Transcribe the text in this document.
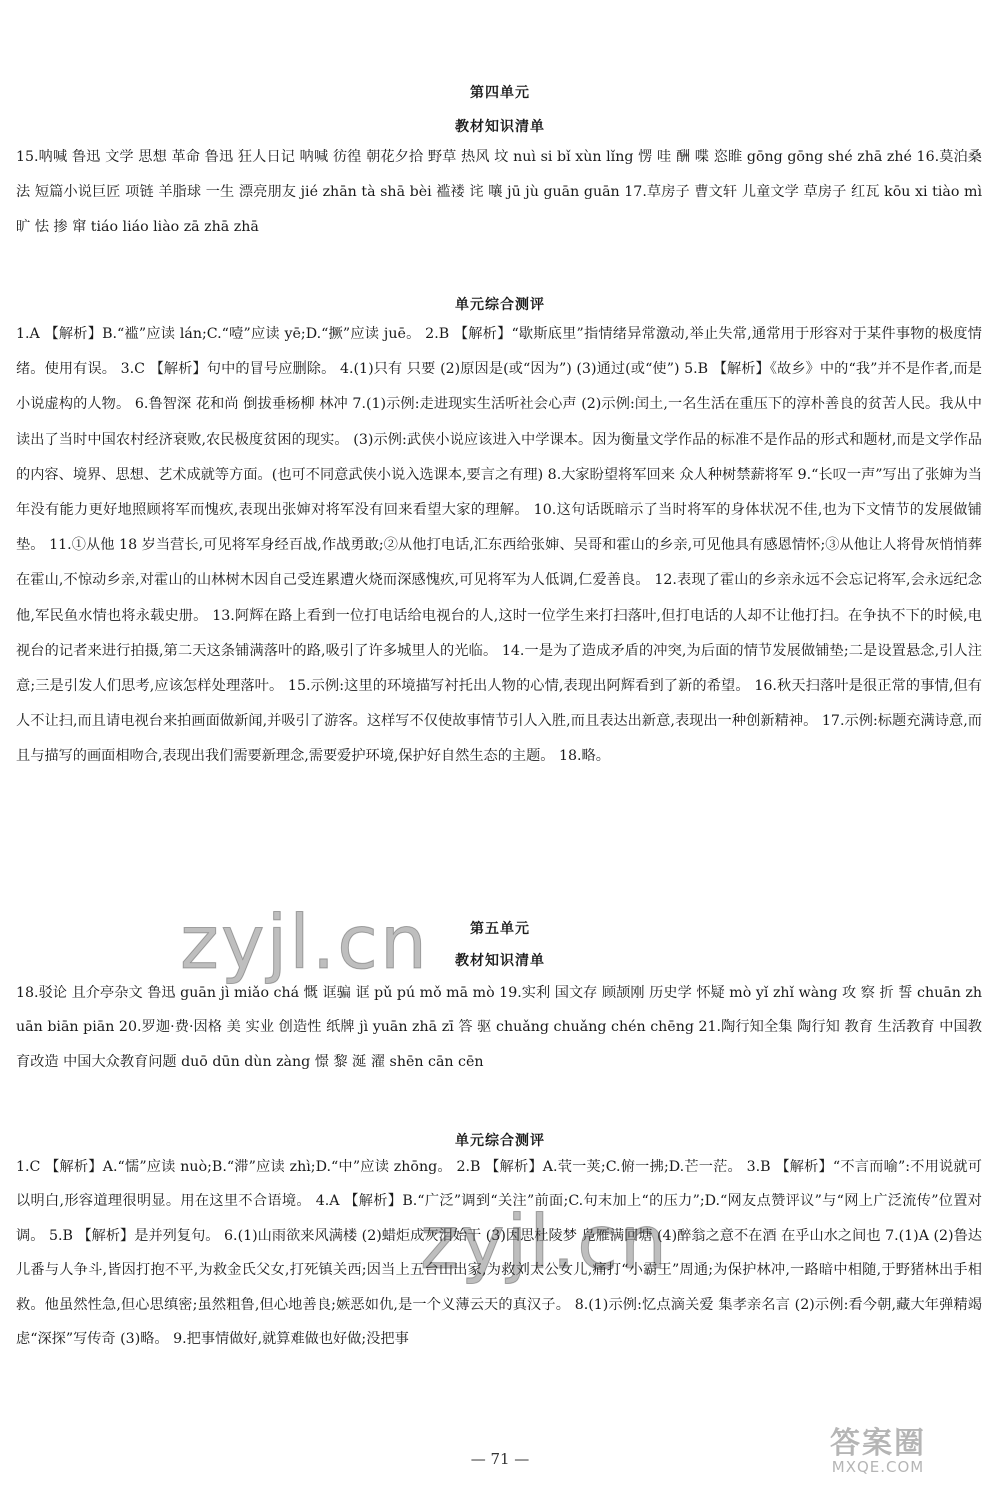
第四单元
教材知识清单
15.呐喊 鲁迅 文学 思想 革命 鲁迅 狂人日记 呐喊 彷徨 朝花夕拾 野草 热风 坟 nuì si bǐ xùn lǐng 愣 哇 酬 喋 恣睢 gōng gōng shé zhā zhé 16.莫泊桑 法 短篇小说巨匠 项链 羊脂球 一生 漂亮朋友 jié zhān tà shā bèi 褴褛 诧 嚷 jū jù guān guān 17.草房子 曹文轩 儿童文学 草房子 红瓦 kōu xi tiào mì 旷 怯 掺 窜 tiáo liáo liào zā zhā zhā
单元综合测评
1.A 【解析】B.“褴”应读 lán;C.“噎”应读 yē;D.“撅”应读 juē。 2.B 【解析】“歇斯底里”指情绪异常激动,举止失常,通常用于形容对于某件事物的极度情绪。使用有误。 3.C 【解析】句中的冒号应删除。 4.(1)只有 只要 (2)原因是(或“因为”) (3)通过(或“使”) 5.B 【解析】《故乡》中的“我”并不是作者,而是小说虚构的人物。 6.鲁智深 花和尚 倒拔垂杨柳 林冲 7.(1)示例:走进现实生活听社会心声 (2)示例:闰土,一名生活在重压下的淳朴善良的贫苦人民。我从中读出了当时中国农村经济衰败,农民极度贫困的现实。 (3)示例:武侠小说应该进入中学课本。因为衡量文学作品的标准不是作品的形式和题材,而是文学作品的内容、境界、思想、艺术成就等方面。(也可不同意武侠小说入选课本,要言之有理) 8.大家盼望将军回来 众人种树禁薪将军 9.“长叹一声”写出了张婶为当年没有能力更好地照顾将军而愧疚,表现出张婶对将军没有回来看望大家的理解。 10.这句话既暗示了当时将军的身体状况不佳,也为下文情节的发展做铺垫。 11.①从他 18 岁当营长,可见将军身经百战,作战勇敢;②从他打电话,汇东西给张婶、吴哥和霍山的乡亲,可见他具有感恩情怀;③从他让人将骨灰悄悄葬在霍山,不惊动乡亲,对霍山的山林树木因自己受连累遭火烧而深感愧疚,可见将军为人低调,仁爱善良。 12.表现了霍山的乡亲永远不会忘记将军,会永远纪念他,军民鱼水情也将永载史册。 13.阿辉在路上看到一位打电话给电视台的人,这时一位学生来打扫落叶,但打电话的人却不让他打扫。在争执不下的时候,电视台的记者来进行拍摄,第二天这条铺满落叶的路,吸引了许多城里人的光临。 14.一是为了造成矛盾的冲突,为后面的情节发展做铺垫;二是设置悬念,引人注意;三是引发人们思考,应该怎样处理落叶。 15.示例:这里的环境描写衬托出人物的心情,表现出阿辉看到了新的希望。 16.秋天扫落叶是很正常的事情,但有人不让扫,而且请电视台来拍画面做新闻,并吸引了游客。这样写不仅使故事情节引人入胜,而且表达出新意,表现出一种创新精神。 17.示例:标题充满诗意,而且与描写的画面相吻合,表现出我们需要新理念,需要爱护环境,保护好自然生态的主题。 18.略。
第五单元
教材知识清单
18.驳论 且介亭杂文 鲁迅 guān jì miǎo chá 慨 诓骗 诓 pǔ pú mǒ mā mò 19.实利 国文存 顾颉刚 历史学 怀疑 mò yǐ zhǐ wàng 攻 察 折 誓 chuān zhuān biān piān 20.罗迦·费·因格 美 实业 创造性 纸牌 jì yuān zhā zī 答 驱 chuǎng chuǎng chén chēng 21.陶行知全集 陶行知 教育 生活教育 中国教育改造 中国大众教育问题 duō dūn dùn zàng 憬 黎 涎 濯 shēn cān cēn
单元综合测评
1.C 【解析】A.“懦”应读 nuò;B.“滞”应读 zhì;D.“中”应读 zhōng。 2.B 【解析】A.茕一荚;C.俯一拂;D.芒一茫。 3.B 【解析】“不言而喻”:不用说就可以明白,形容道理很明显。用在这里不合语境。 4.A 【解析】B.“广泛”调到“关注”前面;C.句末加上“的压力”;D.“网友点赞评议”与“网上广泛流传”位置对调。 5.B 【解析】是并列复句。 6.(1)山雨欲来风满楼 (2)蜡炬成灰泪始干 (3)因思杜陵梦 凫雁满回塘 (4)醉翁之意不在酒 在乎山水之间也 7.(1)A (2)鲁达儿番与人争斗,皆因打抱不平,为救金氏父女,打死镇关西;因当上五台山出家,为救刘太公女儿,痛打“小霸王”周通;为保护林冲,一路暗中相随,于野猪林出手相救。他虽然性急,但心思缜密;虽然粗鲁,但心地善良;嫉恶如仇,是一个义薄云天的真汉子。 8.(1)示例:忆点滴关爱 集孝亲名言 (2)示例:看今朝,藏大年弹精竭虑“深探”写传奇 (3)略。 9.把事情做好,就算难做也好做;没把事
— 71 —
zyjl.cn
zyjl.cn
答案圈
MXQE.COM
